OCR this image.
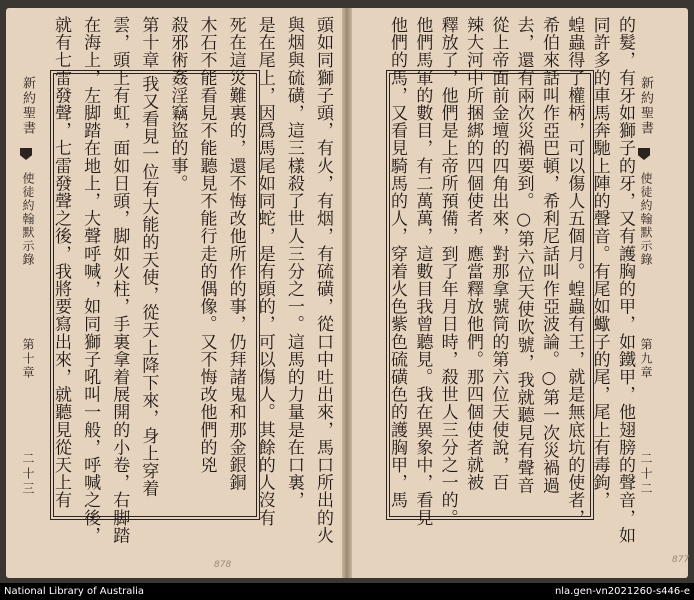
新約聖書
使徒約翰默示錄
第十章
二十三	頭如同獅子頭，有火，有烟，有硫磺，從口中吐出來，馬口所出的火
與烟與硫磺，這三樣殺了世人三分之一。這馬的力量是在口裏，
是在尾上，因爲馬尾如同蛇，是有頭的，可以傷人。其餘的人沒有
死在這災難裏的，還不悔改他所作的事，仍拜諸鬼和那金銀銅
木石不能看見不能聽見不能行走的偶像。又不悔改他們的兇
殺邪術姦淫竊盜的事。
第十章 我又看見一位有大能的天使，從天上降下來，身上穿着
雲，頭上有虹，面如日頭，脚如火柱，手裏拿着展開的小卷，右脚踏
在海上，左脚踏在地上，大聲呼喊，如同獅子吼叫一般，呼喊之後，
就有七雷發聲，七雷發聲之後，我將要寫出來，就聽見從天上有	新約聖書
使徒約翰默示錄
第九章
二十二
的髮，有牙如獅子的牙，又有護胸的甲，如鐵甲，他翅膀的聲音，如
同許多的車馬奔馳上陣的聲音。有尾如蠍子的尾，尾上有毒鉤，
蝗蟲得了權柄，可以傷人五個月。蝗蟲有王，就是無底坑的使者，
希伯來話叫作亞巴頓，希利尼話叫作亞波論。○第一次災禍過
去，還有兩次災禍要到。○第六位天使吹號，我就聽見有聲音
從上帝面前金壇的四角出來，對那拿號筒的第六位天使說，百
辣大河中所捆綁的四個使者，應當釋放他們。那四個使者就被
釋放了，他們是上帝所預備，到了年月日時，殺世人三分之一的。
他們馬軍的數目，有二萬萬，這數目我曾聽見。我在異象中，看見
他們的馬，又看見騎馬的人，穿着火色紫色硫磺色的護胸甲，馬
878	877
National Library of Australia	nla.gen-vn2021260-s446-e
